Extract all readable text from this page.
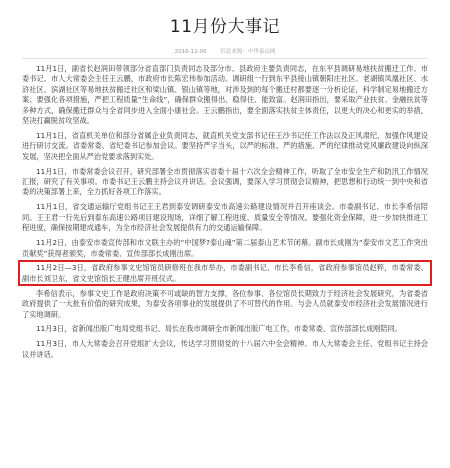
11月份大事记
2016-12-06	信息来源：中华泰山网

11月1日，副省长赵润田带领部分省直部门负责同志及部分市、县政府主要负责同志，在东平县调研易地扶贫搬迁工作。市委书记、市人大常委会主任王云鹏，市政府市长陈宏伟参加活动。调研组一行到东平县接山镇朝阳庄社区、老湖镇凤凰社区、水浒社区、滨湖社区等易地扶贫搬迁社区和梁山镇、银山镇等地，对涉及到的每个搬迁村都要逐一分析论证，科学制定易地搬迁方案；要强化各项措施，严把工程质量“生命线”，确保群众搬得出、稳得住、能致富。赵润田指出，要采取产业扶贫、金融扶贫等多种方式，确保搬迁群众与全省同步进入全面小康社会。王云鹏指出，要全面落实扶贫主体责任，以更大的决心和更实的举措，坚决打赢脱贫攻坚战。

11月1日，省直机关单位和部分省属企业负责同志，就直机关党支部书记任王沙书记任工作法以及正风肃纪，加强作风建设进行研讨交流。省委常委、省纪委书记参加会议。要坚持严字当头，以严的标准、严的措施、严的纪律推动党风廉政建设向纵深发展，坚决把全面从严治党要求落到实处。

11月1日，市委常委会议召开，研究部署全市贯彻落实省委十届十六次全会精神工作，听取了全市安全生产和防汛工作情况汇报，研究了有关事项。市委书记王云鹏主持会议并讲话。会议强调，要深入学习贯彻会议精神，把思想和行动统一到中央和省委的决策部署上来，全力抓好各项工作落实。

11月1日，省交通运输厅党组书记王王君到泰安调研泰安市高速公路建设情况并召开座谈会。市委副书记、市长李希信陪同。王王君一行先后到泰东高速公路项目建设现场，详细了解工程进度、质量安全等情况。要强化资金保障，进一步加快推进工程进度，确保按期建成通车，为全市经济社会发展提供有力的交通运输保障。

11月2日，由泰安市委宣传部和市文联主办的“中国梦?泰山魂”第二届泰山艺术节闭幕。副市长成刚为“泰安市文艺工作突出贡献奖”获得者颁奖，市委常委、宣传部部长成刚出席。

11月2日—3日，省政府参事文史馆馆员研修班在我市举办，市委副书记、市长李希信，省政府参事馆员赵粹，市委常委、副市长刘卫东，省文史馆馆长王健出席开班仪式。

李希信表示，参事文史工作是政府决策不可或缺的智力支撑，各位参事、各位馆员长期致力于经济社会发展研究，为省委省政府提供了一大批有价值的研究成果，为泰安各项事业的发展提供了不可替代的作用。与会人员就泰安市经济社会发展情况进行了实地调研。

11月3日，省新闻出版广电局党组书记、局长在我市调研全市新闻出版广电工作，市委常委、宣传部部长成刚陪同。

11月3日，市人大常委会召开党组扩大会议，传达学习贯彻党的十八届六中全会精神。市人大常委会主任、党组书记主持会议并讲话。
